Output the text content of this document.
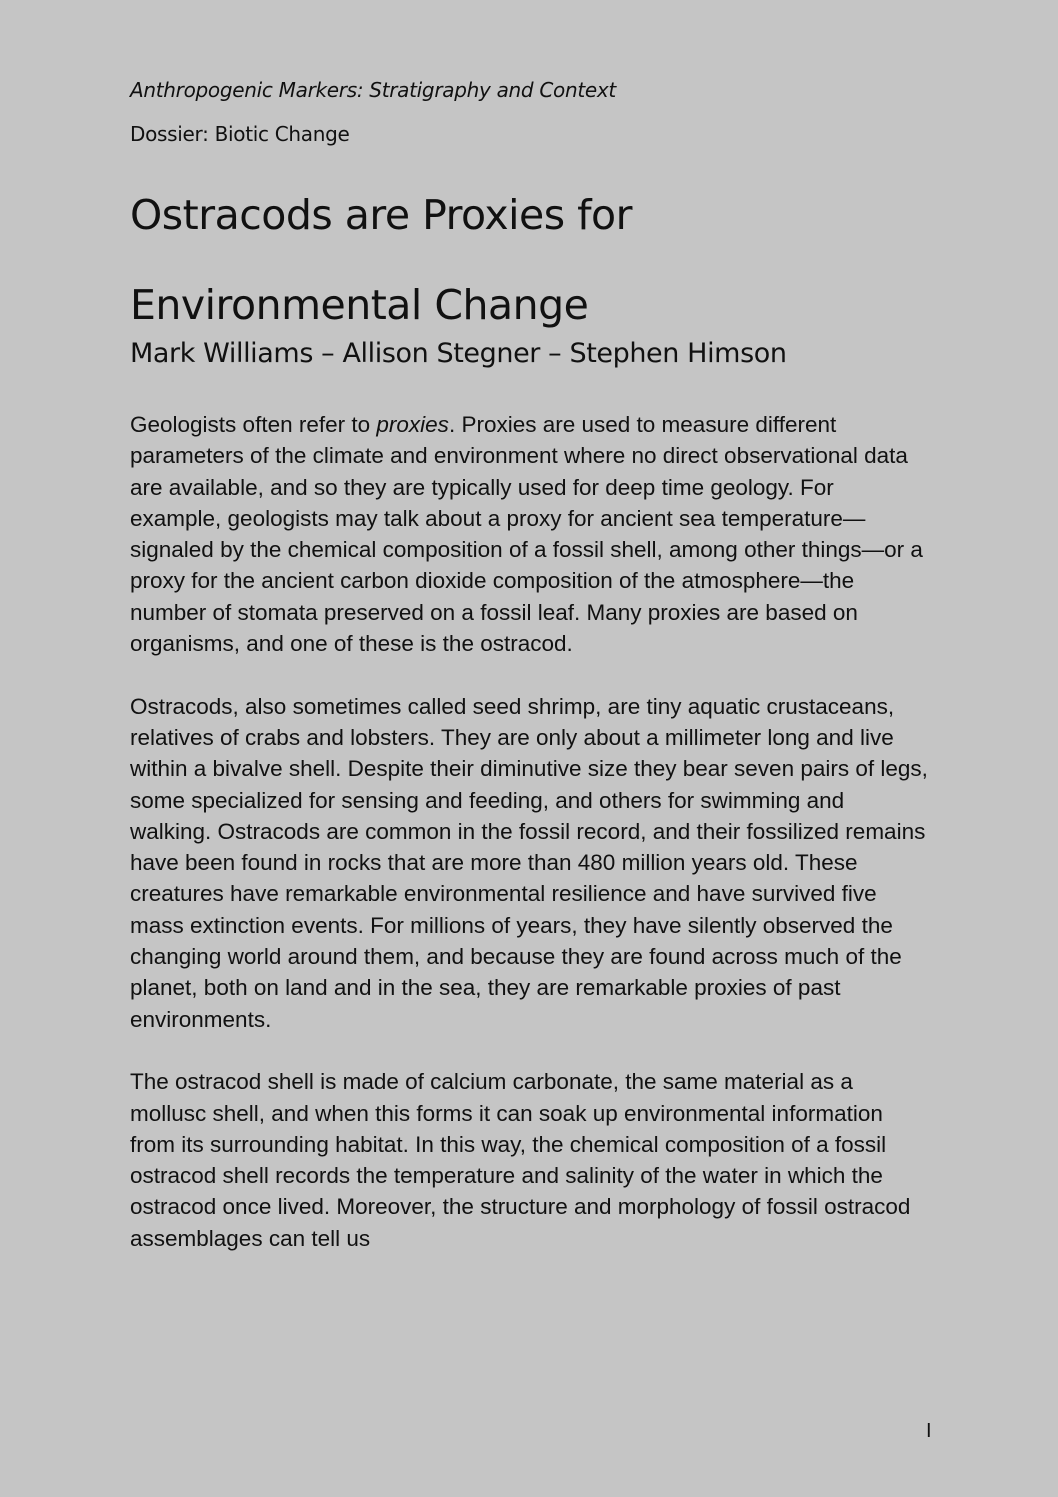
Anthropogenic Markers: Stratigraphy and Context
Dossier: Biotic Change
Ostracods are Proxies for Environmental Change
Mark Williams – Allison Stegner – Stephen Himson

Geologists often refer to proxies. Proxies are used to measure different parameters of the climate and environment where no direct observational data are available, and so they are typically used for deep time geology. For example, geologists may talk about a proxy for ancient sea temperature—signaled by the chemical composition of a fossil shell, among other things—or a proxy for the ancient carbon dioxide composition of the atmosphere—the number of stomata preserved on a fossil leaf. Many proxies are based on organisms, and one of these is the ostracod.

Ostracods, also sometimes called seed shrimp, are tiny aquatic crustaceans, relatives of crabs and lobsters. They are only about a millimeter long and live within a bivalve shell. Despite their diminutive size they bear seven pairs of legs, some specialized for sensing and feeding, and others for swimming and walking. Ostracods are common in the fossil record, and their fossilized remains have been found in rocks that are more than 480 million years old. These creatures have remarkable environmental resilience and have survived five mass extinction events. For millions of years, they have silently observed the changing world around them, and because they are found across much of the planet, both on land and in the sea, they are remarkable proxies of past environments.

The ostracod shell is made of calcium carbonate, the same material as a mollusc shell, and when this forms it can soak up environmental information from its surrounding habitat. In this way, the chemical composition of a fossil ostracod shell records the temperature and salinity of the water in which the ostracod once lived. Moreover, the structure and morphology of fossil ostracod assemblages can tell us

I
